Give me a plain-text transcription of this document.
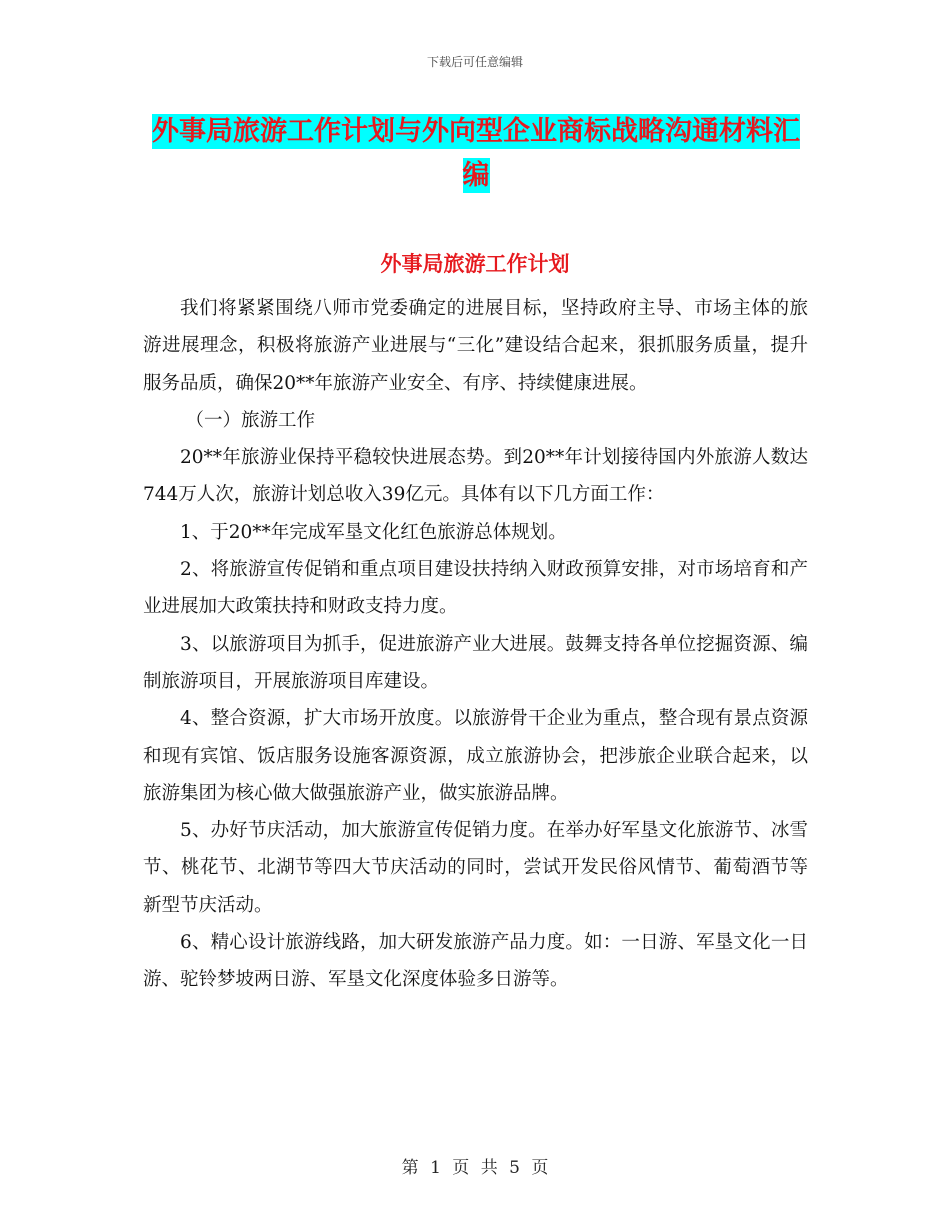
下载后可任意编辑
外事局旅游工作计划与外向型企业商标战略沟通材料汇编
外事局旅游工作计划

我们将紧紧围绕八师市党委确定的进展目标，坚持政府主导、市场主体的旅游进展理念，积极将旅游产业进展与“三化”建设结合起来，狠抓服务质量，提升服务品质，确保20**年旅游产业安全、有序、持续健康进展。

（一）旅游工作

20**年旅游业保持平稳较快进展态势。到20**年计划接待国内外旅游人数达744万人次，旅游计划总收入39亿元。具体有以下几方面工作：

1、于20**年完成军垦文化红色旅游总体规划。

2、将旅游宣传促销和重点项目建设扶持纳入财政预算安排，对市场培育和产业进展加大政策扶持和财政支持力度。

3、以旅游项目为抓手，促进旅游产业大进展。鼓舞支持各单位挖掘资源、编制旅游项目，开展旅游项目库建设。

4、整合资源，扩大市场开放度。以旅游骨干企业为重点，整合现有景点资源和现有宾馆、饭店服务设施客源资源，成立旅游协会，把涉旅企业联合起来，以旅游集团为核心做大做强旅游产业，做实旅游品牌。

5、办好节庆活动，加大旅游宣传促销力度。在举办好军垦文化旅游节、冰雪节、桃花节、北湖节等四大节庆活动的同时，尝试开发民俗风情节、葡萄酒节等新型节庆活动。

6、精心设计旅游线路，加大研发旅游产品力度。如：一日游、军垦文化一日游、驼铃梦坡两日游、军垦文化深度体验多日游等。

第 1 页 共 5 页
